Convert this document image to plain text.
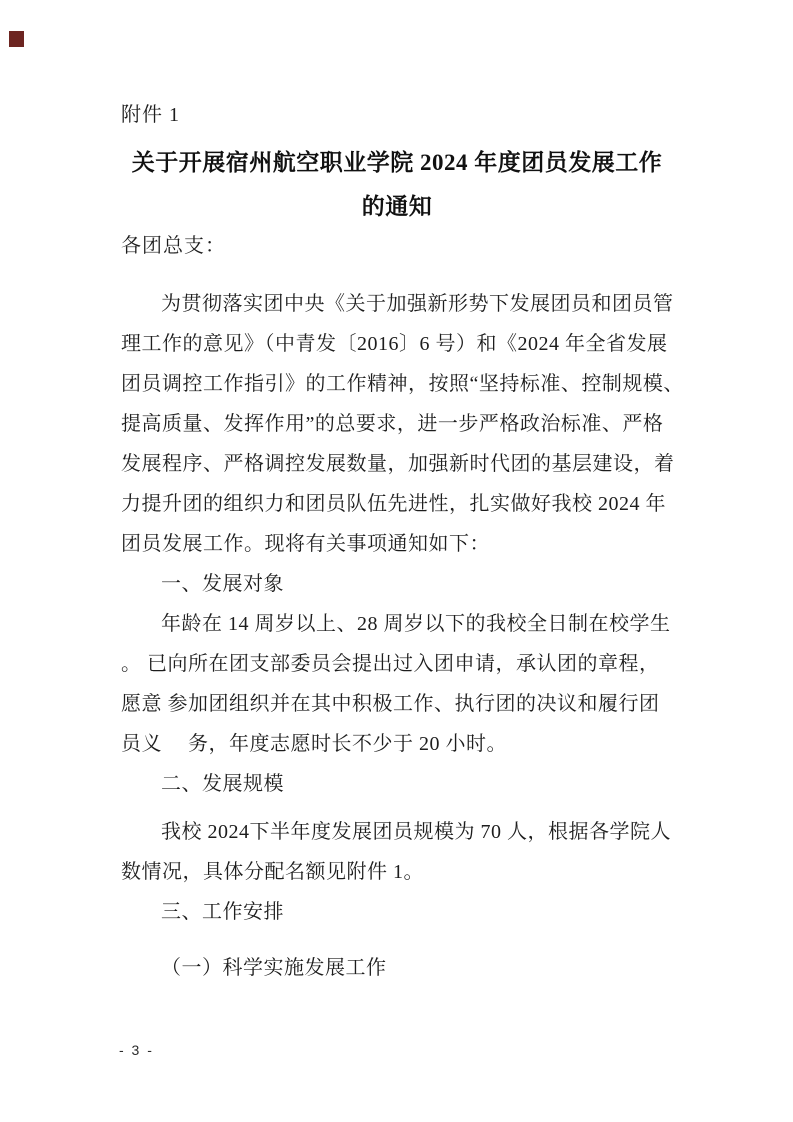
附件 1
关于开展宿州航空职业学院 2024 年度团员发展工作
的通知
各团总支：
为贯彻落实团中央《关于加强新形势下发展团员和团员管
理工作的意见》（中青发〔2016〕6 号）和《2024 年全省发展
团员调控工作指引》的工作精神，按照“坚持标准、控制规模、
提高质量、发挥作用”的总要求，进一步严格政治标准、严格
发展程序、严格调控发展数量，加强新时代团的基层建设，着
力提升团的组织力和团员队伍先进性，扎实做好我校 2024 年
团员发展工作。现将有关事项通知如下：
一、发展对象
年龄在 14 周岁以上、28 周岁以下的我校全日制在校学生
。 已向所在团支部委员会提出过入团申请，承认团的章程，
愿意 参加团组织并在其中积极工作、执行团的决议和履行团
员义　 务，年度志愿时长不少于 20 小时。
二、发展规模
我校 2024下半年度发展团员规模为 70 人，根据各学院人
数情况，具体分配名额见附件 1。
三、工作安排
（一）科学实施发展工作
- 3 -
